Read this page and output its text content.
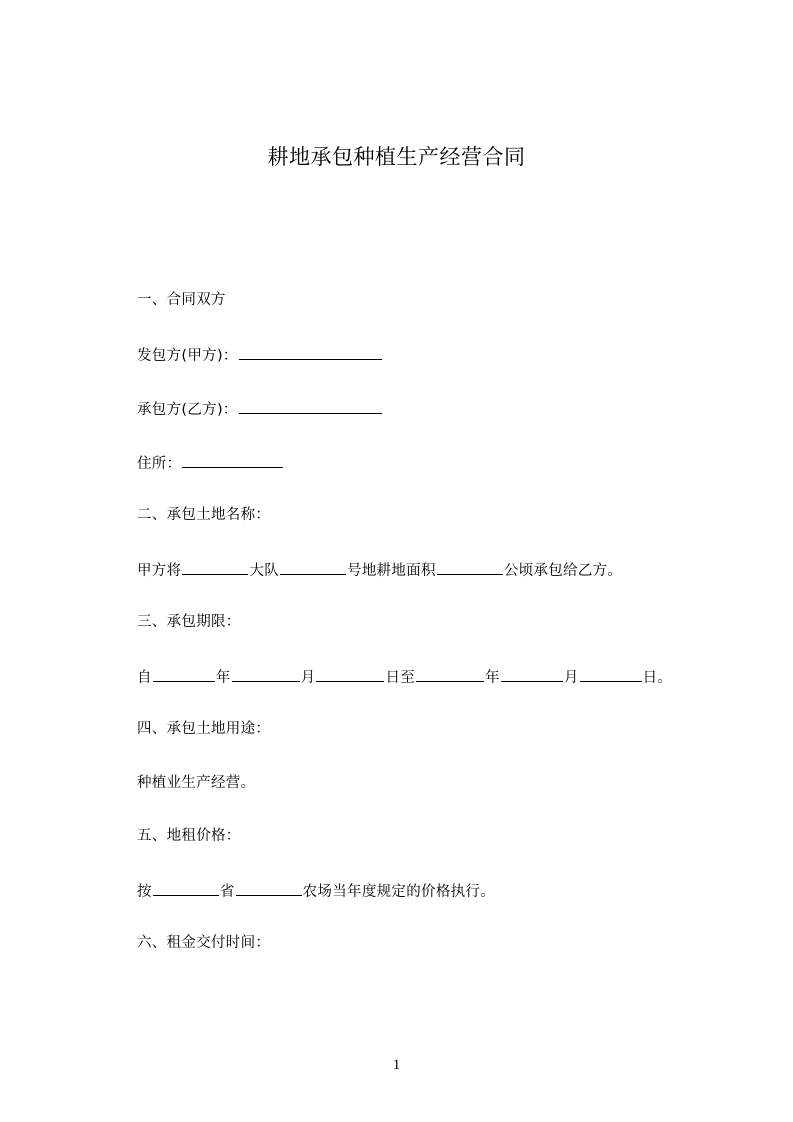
耕地承包种植生产经营合同
一、合同双方
发包方(甲方)：
承包方(乙方)：
住所：
二、承包土地名称：
甲方将	大队	号地耕地面积	公顷承包给乙方。
三、承包期限：
自	年	月	日至	年	月	日。
四、承包土地用途：
种植业生产经营。
五、地租价格：
按	省	农场当年度规定的价格执行。
六、租金交付时间：
1
